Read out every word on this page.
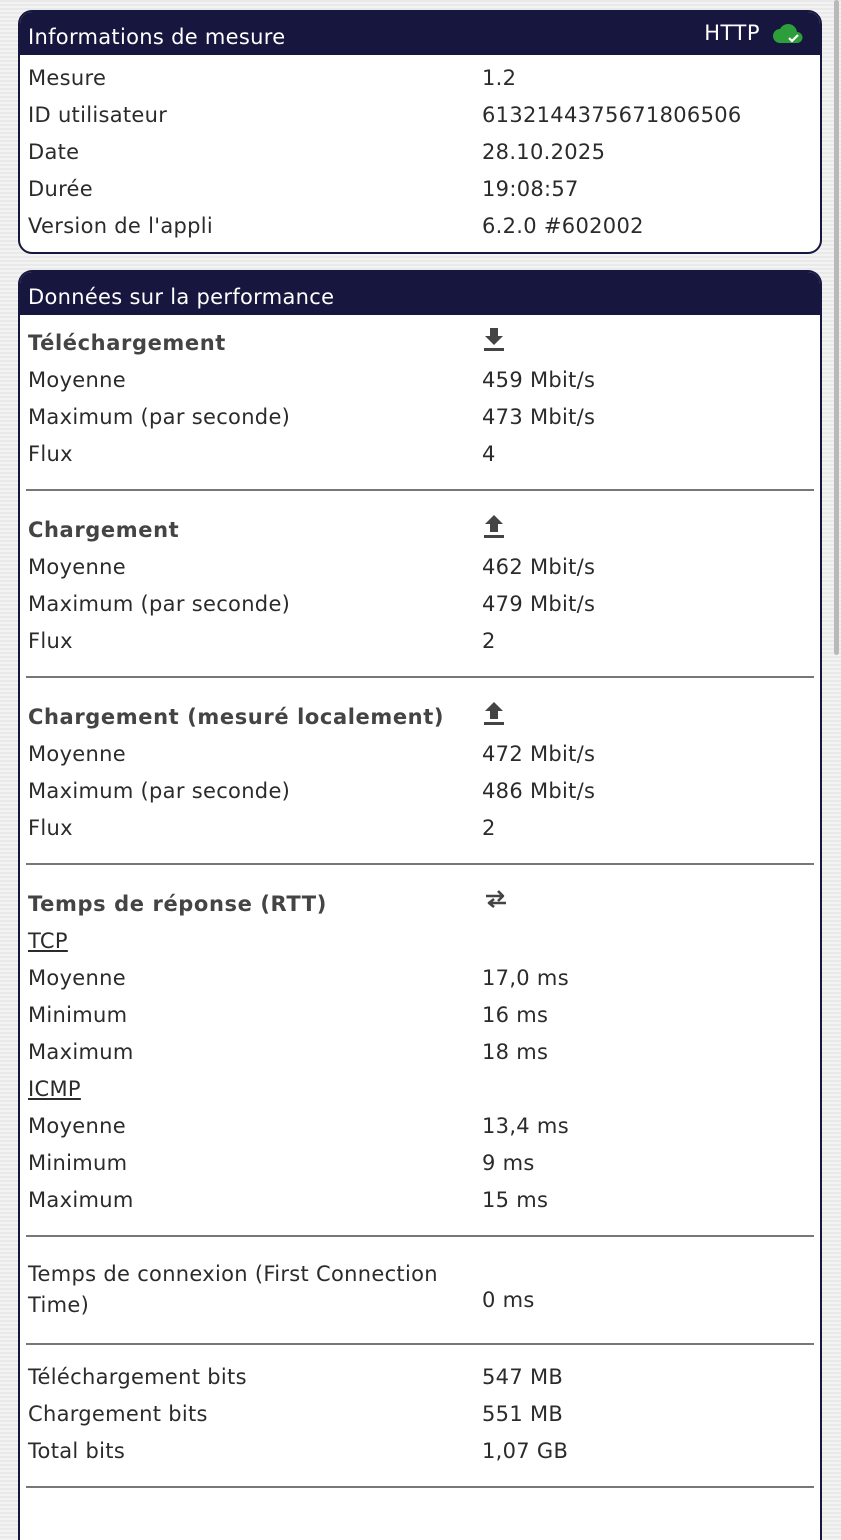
Informations de mesure	HTTP
Mesure	1.2
ID utilisateur	6132144375671806506
Date	28.10.2025
Durée	19:08:57
Version de l'appli	6.2.0 #602002
Données sur la performance
Téléchargement
Moyenne	459 Mbit/s
Maximum (par seconde)	473 Mbit/s
Flux	4
Chargement
Moyenne	462 Mbit/s
Maximum (par seconde)	479 Mbit/s
Flux	2
Chargement (mesuré localement)
Moyenne	472 Mbit/s
Maximum (par seconde)	486 Mbit/s
Flux	2
Temps de réponse (RTT)
TCP
Moyenne	17,0 ms
Minimum	16 ms
Maximum	18 ms
ICMP
Moyenne	13,4 ms
Minimum	9 ms
Maximum	15 ms
Temps de connexion (First Connection Time)	0 ms
Téléchargement bits	547 MB
Chargement bits	551 MB
Total bits	1,07 GB
